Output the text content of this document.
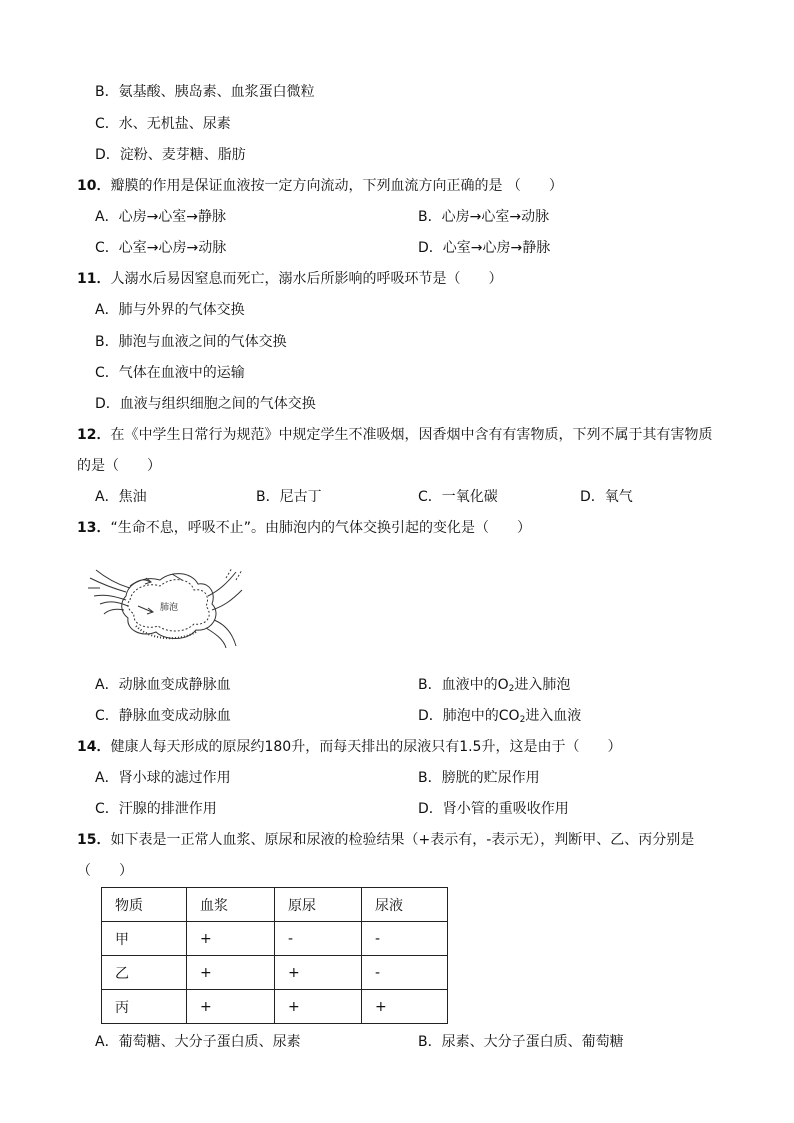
B．氨基酸、胰岛素、血浆蛋白微粒
C．水、无机盐、尿素
D．淀粉、麦芽糖、脂肪
10．瓣膜的作用是保证血液按一定方向流动，下列血流方向正确的是 （　　）
A．心房→心室→静脉	B．心房→心室→动脉
C．心室→心房→动脉	D．心室→心房→静脉
11．人溺水后易因窒息而死亡，溺水后所影响的呼吸环节是（　　）
A．肺与外界的气体交换
B．肺泡与血液之间的气体交换
C．气体在血液中的运输
D．血液与组织细胞之间的气体交换
12．在《中学生日常行为规范》中规定学生不准吸烟，因香烟中含有有害物质，下列不属于其有害物质
的是（　　）
A．焦油	B．尼古丁	C．一氧化碳	D．氧气
13．“生命不息，呼吸不止”。由肺泡内的气体交换引起的变化是（　　）
肺泡
A．动脉血变成静脉血	B．血液中的$O_2$进入肺泡
C．静脉血变成动脉血	D．肺泡中的$CO_2$进入血液
14．健康人每天形成的原尿约180升，而每天排出的尿液只有1.5升，这是由于（　　）
A．肾小球的滤过作用	B．膀胱的贮尿作用
C．汗腺的排泄作用	D．肾小管的重吸收作用
15．如下表是一正常人血浆、原尿和尿液的检验结果（+表示有，-表示无），判断甲、乙、丙分别是
（　　）
物质	血浆	原尿	尿液
甲	+	-	-
乙	+	+	-
丙	+	+	+
A．葡萄糖、大分子蛋白质、尿素	B．尿素、大分子蛋白质、葡萄糖
